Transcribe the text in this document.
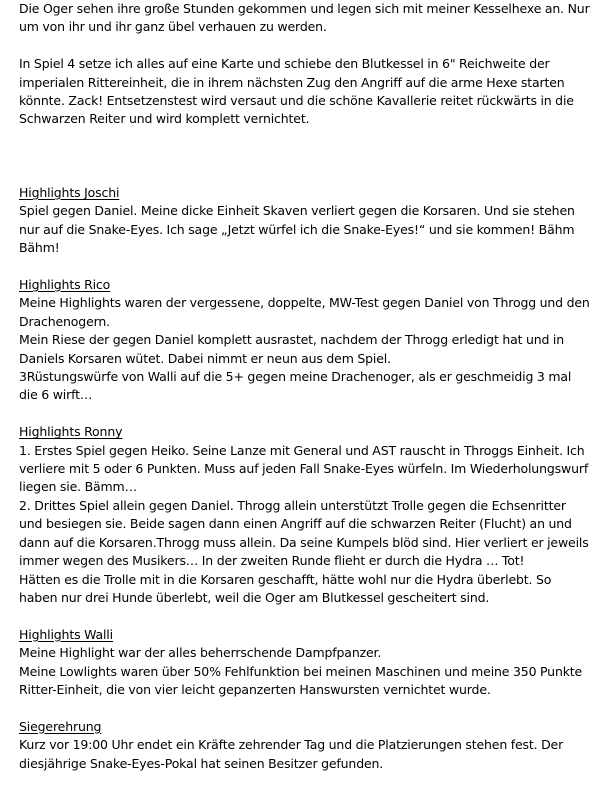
Die Oger sehen ihre große Stunden gekommen und legen sich mit meiner Kesselhexe an. Nur um von ihr und ihr ganz übel verhauen zu werden.

In Spiel 4 setze ich alles auf eine Karte und schiebe den Blutkessel in 6" Reichweite der imperialen Rittereinheit, die in ihrem nächsten Zug den Angriff auf die arme Hexe starten könnte. Zack! Entsetzenstest wird versaut und die schöne Kavallerie reitet rückwärts in die Schwarzen Reiter und wird komplett vernichtet.

Highlights Joschi

Spiel gegen Daniel. Meine dicke Einheit Skaven verliert gegen die Korsaren. Und sie stehen nur auf die Snake-Eyes. Ich sage „Jetzt würfel ich die Snake-Eyes!“ und sie kommen! Bähm Bähm!

Highlights Rico

Meine Highlights waren der vergessene, doppelte, MW-Test gegen Daniel von Throgg und den Drachenogern.

Mein Riese der gegen Daniel komplett ausrastet, nachdem der Throgg erledigt hat und in Daniels Korsaren wütet. Dabei nimmt er neun aus dem Spiel.

3Rüstungswürfe von Walli auf die 5+ gegen meine Drachenoger, als er geschmeidig 3 mal die 6 wirft…

Highlights Ronny

1. Erstes Spiel gegen Heiko. Seine Lanze mit General und AST rauscht in Throggs Einheit. Ich verliere mit 5 oder 6 Punkten. Muss auf jeden Fall Snake-Eyes würfeln. Im Wiederholungswurf liegen sie. Bämm…

2. Drittes Spiel allein gegen Daniel. Throgg allein unterstützt Trolle gegen die Echsenritter und besiegen sie. Beide sagen dann einen Angriff auf die schwarzen Reiter (Flucht) an und dann auf die Korsaren.Throgg muss allein. Da seine Kumpels blöd sind. Hier verliert er jeweils immer wegen des Musikers… In der zweiten Runde flieht er durch die Hydra … Tot!

Hätten es die Trolle mit in die Korsaren geschafft, hätte wohl nur die Hydra überlebt. So haben nur drei Hunde überlebt, weil die Oger am Blutkessel gescheitert sind.

Highlights Walli

Meine Highlight war der alles beherrschende Dampfpanzer.

Meine Lowlights waren über 50% Fehlfunktion bei meinen Maschinen und meine 350 Punkte Ritter-Einheit, die von vier leicht gepanzerten Hanswursten vernichtet wurde.

Siegerehrung

Kurz vor 19:00 Uhr endet ein Kräfte zehrender Tag und die Platzierungen stehen fest. Der diesjährige Snake-Eyes-Pokal hat seinen Besitzer gefunden.
